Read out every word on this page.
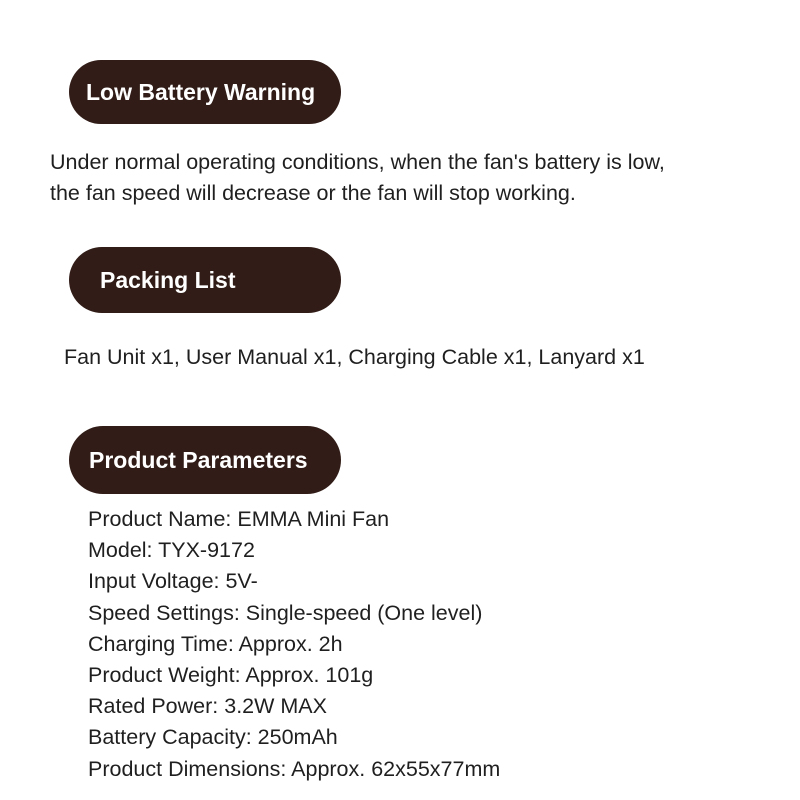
Low Battery Warning
Under normal operating conditions, when the fan's battery is low,
the fan speed will decrease or the fan will stop working.
Packing List
Fan Unit x1, User Manual x1, Charging Cable x1, Lanyard x1
Product Parameters
Product Name: EMMA Mini Fan
Model: TYX-9172
Input Voltage: 5V-
Speed Settings: Single-speed (One level)
Charging Time: Approx. 2h
Product Weight: Approx. 101g
Rated Power: 3.2W MAX
Battery Capacity: 250mAh
Product Dimensions: Approx. 62x55x77mm
